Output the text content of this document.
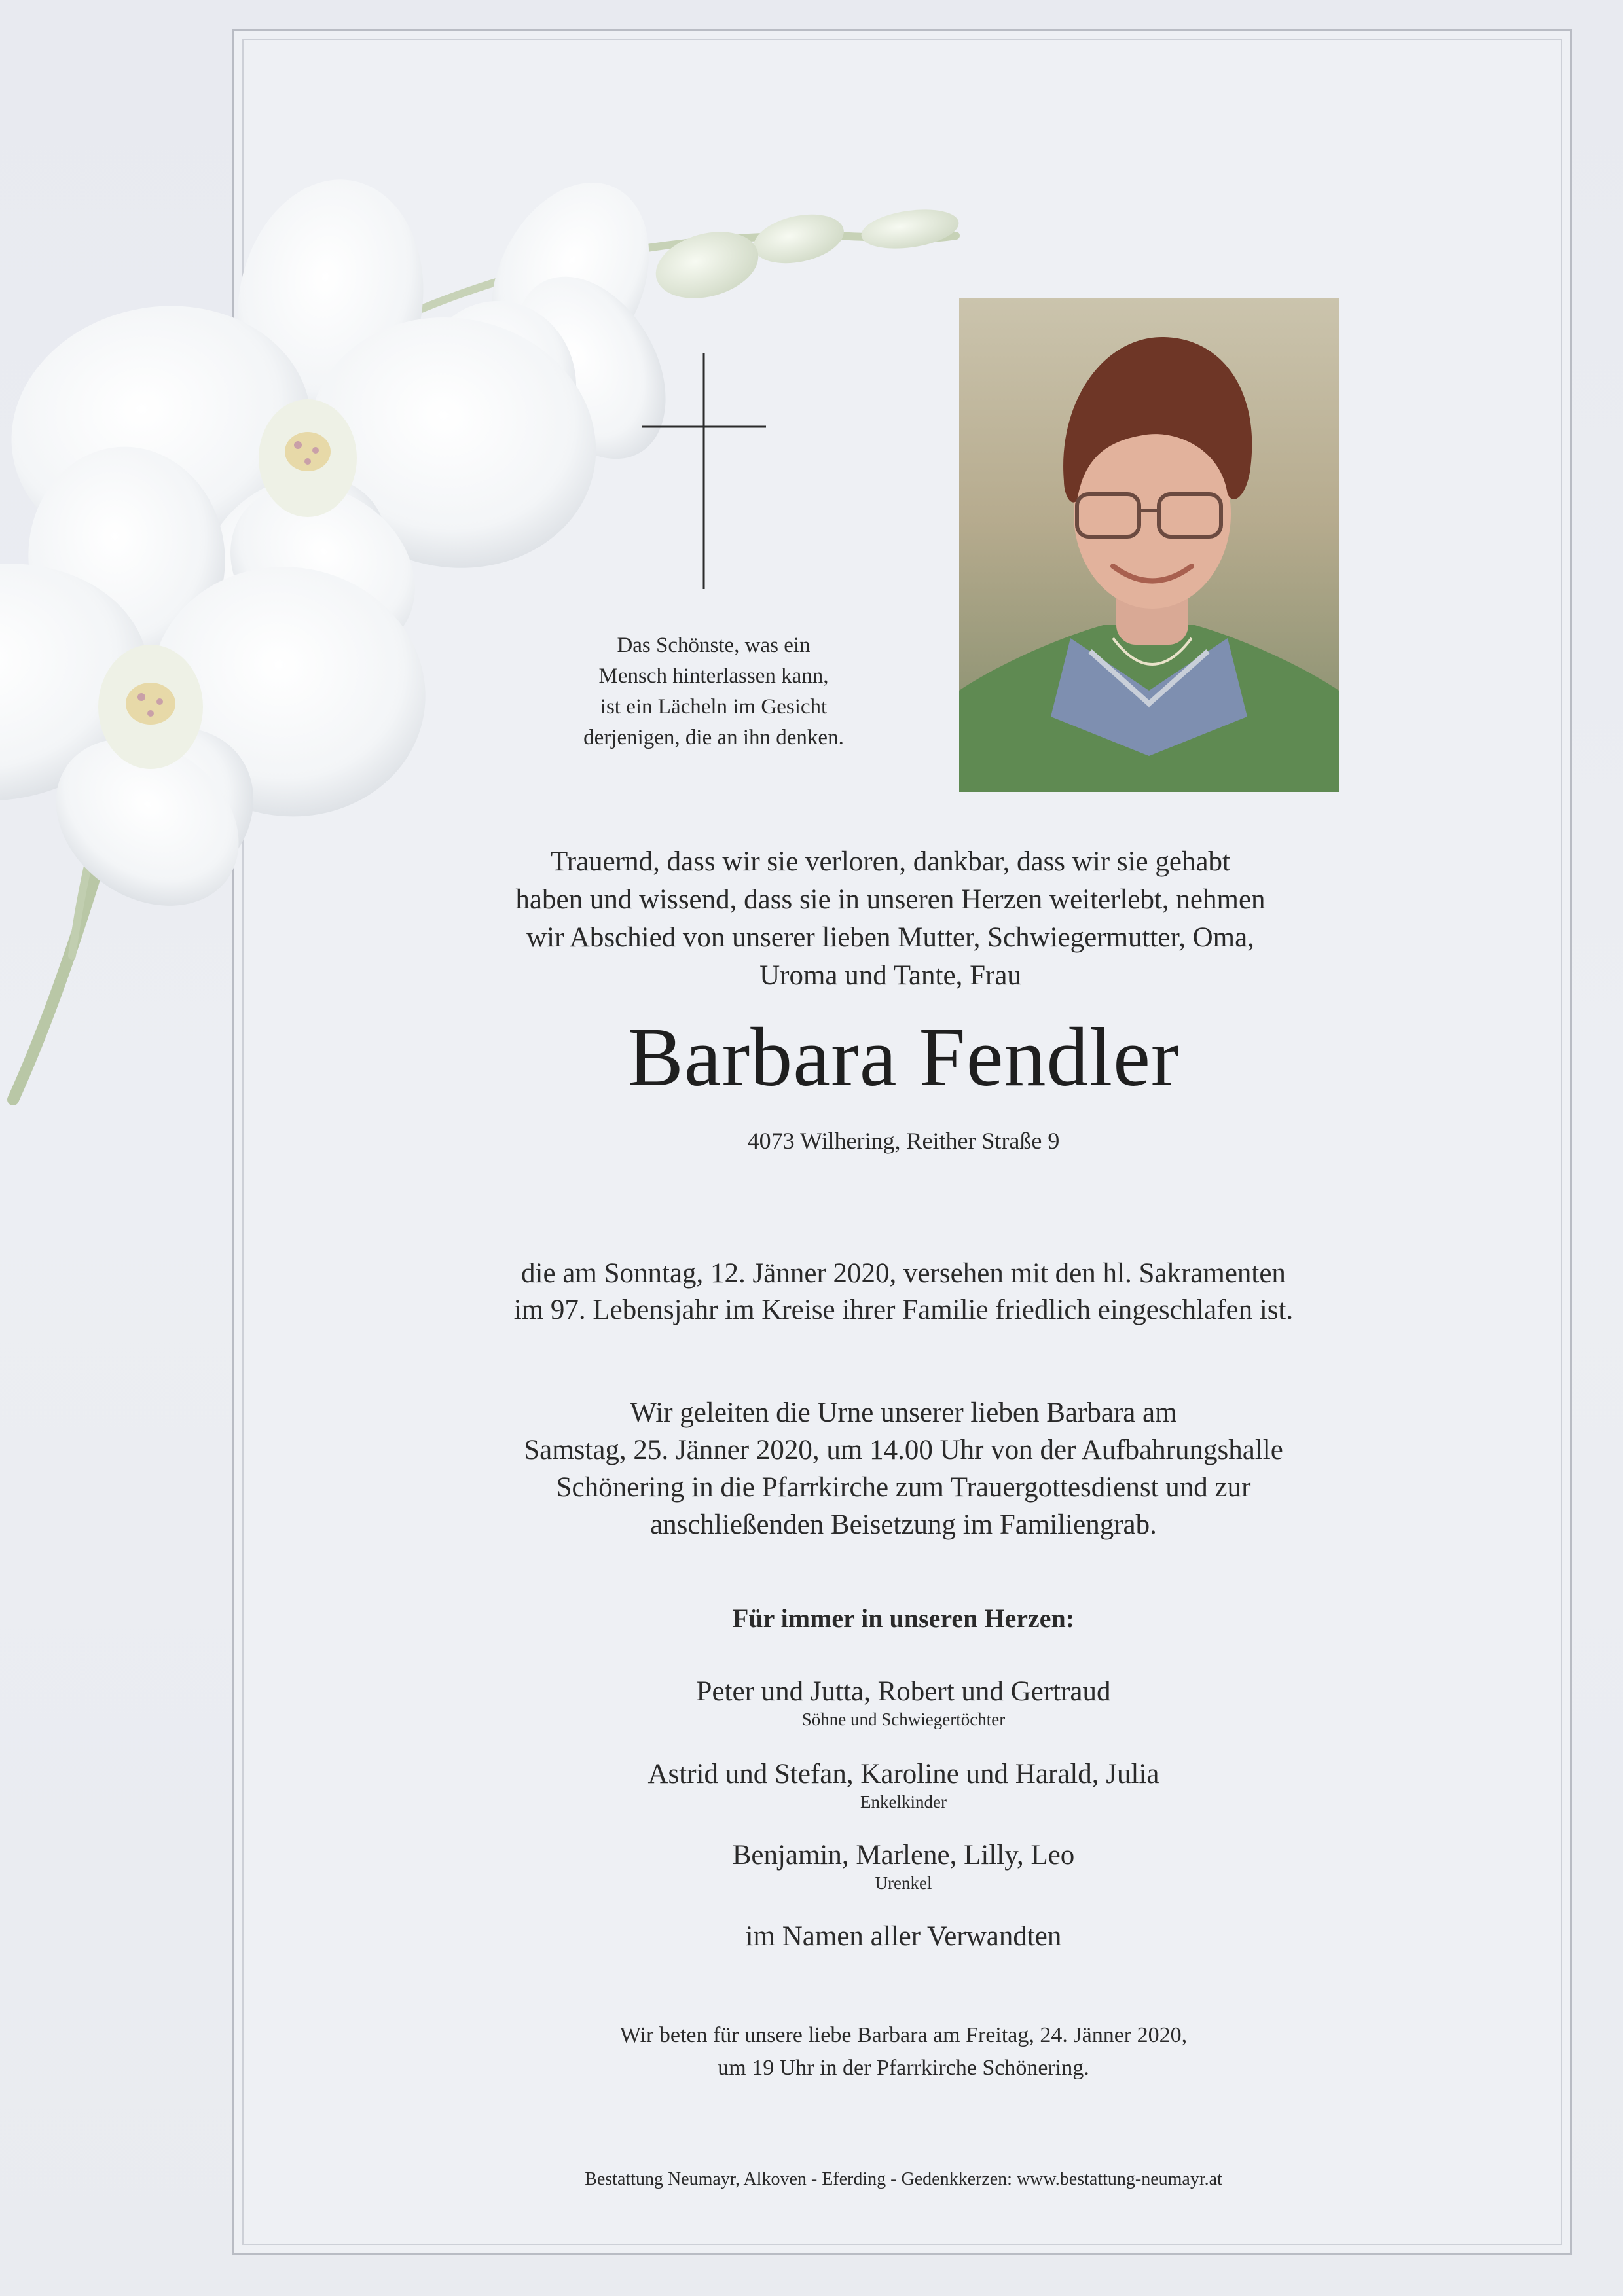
Das Schönste, was ein
Mensch hinterlassen kann,
ist ein Lächeln im Gesicht
derjenigen, die an ihn denken.
Trauernd, dass wir sie verloren, dankbar, dass wir sie gehabt
haben und wissend, dass sie in unseren Herzen weiterlebt, nehmen
wir Abschied von unserer lieben Mutter, Schwiegermutter, Oma,
Uroma und Tante, Frau
Barbara Fendler
4073 Wilhering, Reither Straße 9
die am Sonntag, 12. Jänner 2020, versehen mit den hl. Sakramenten
im 97. Lebensjahr im Kreise ihrer Familie friedlich eingeschlafen ist.
Wir geleiten die Urne unserer lieben Barbara am
Samstag, 25. Jänner 2020, um 14.00 Uhr von der Aufbahrungshalle
Schönering in die Pfarrkirche zum Trauergottesdienst und zur
anschließenden Beisetzung im Familiengrab.
Für immer in unseren Herzen:
Peter und Jutta, Robert und Gertraud
Söhne und Schwiegertöchter
Astrid und Stefan, Karoline und Harald, Julia
Enkelkinder
Benjamin, Marlene, Lilly, Leo
Urenkel
im Namen aller Verwandten
Wir beten für unsere liebe Barbara am Freitag, 24. Jänner 2020,
um 19 Uhr in der Pfarrkirche Schönering.
Bestattung Neumayr, Alkoven - Eferding - Gedenkkerzen: www.bestattung-neumayr.at
